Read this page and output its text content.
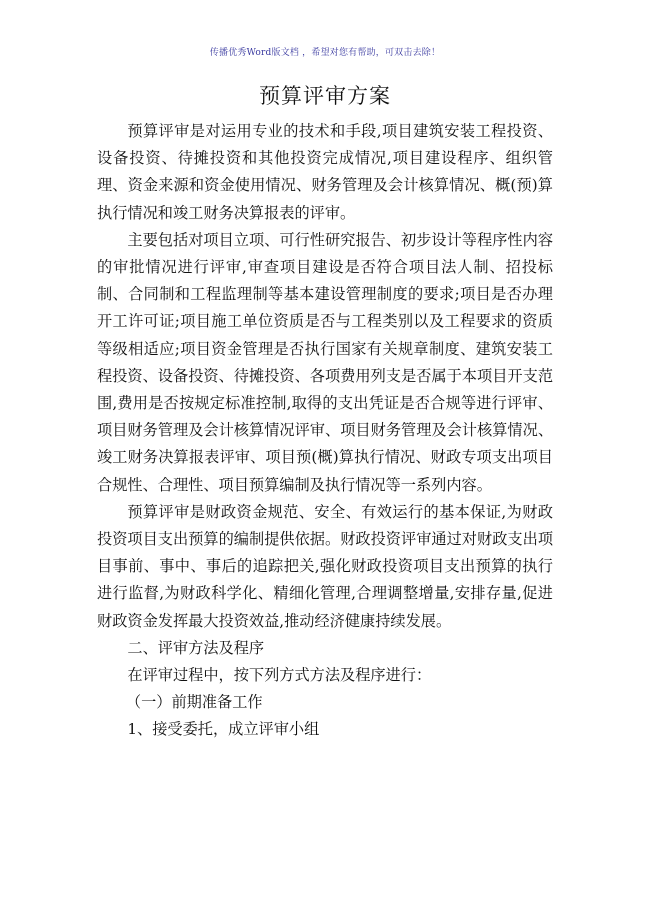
传播优秀Word版文档 ，希望对您有帮助，可双击去除！
预算评审方案

预算评审是对运用专业的技术和手段,项目建筑安装工程投资、设备投资、待摊投资和其他投资完成情况,项目建设程序、组织管理、资金来源和资金使用情况、财务管理及会计核算情况、概(预)算执行情况和竣工财务决算报表的评审。

主要包括对项目立项、可行性研究报告、初步设计等程序性内容的审批情况进行评审,审查项目建设是否符合项目法人制、招投标制、合同制和工程监理制等基本建设管理制度的要求;项目是否办理开工许可证;项目施工单位资质是否与工程类别以及工程要求的资质等级相适应;项目资金管理是否执行国家有关规章制度、建筑安装工程投资、设备投资、待摊投资、各项费用列支是否属于本项目开支范围,费用是否按规定标准控制,取得的支出凭证是否合规等进行评审、项目财务管理及会计核算情况评审、项目财务管理及会计核算情况、竣工财务决算报表评审、项目预(概)算执行情况、财政专项支出项目合规性、合理性、项目预算编制及执行情况等一系列内容。

预算评审是财政资金规范、安全、有效运行的基本保证,为财政投资项目支出预算的编制提供依据。财政投资评审通过对财政支出项目事前、事中、事后的追踪把关,强化财政投资项目支出预算的执行进行监督,为财政科学化、精细化管理,合理调整增量,安排存量,促进财政资金发挥最大投资效益,推动经济健康持续发展。

二、评审方法及程序

在评审过程中，按下列方式方法及程序进行：

（一）前期准备工作

1、接受委托，成立评审小组
